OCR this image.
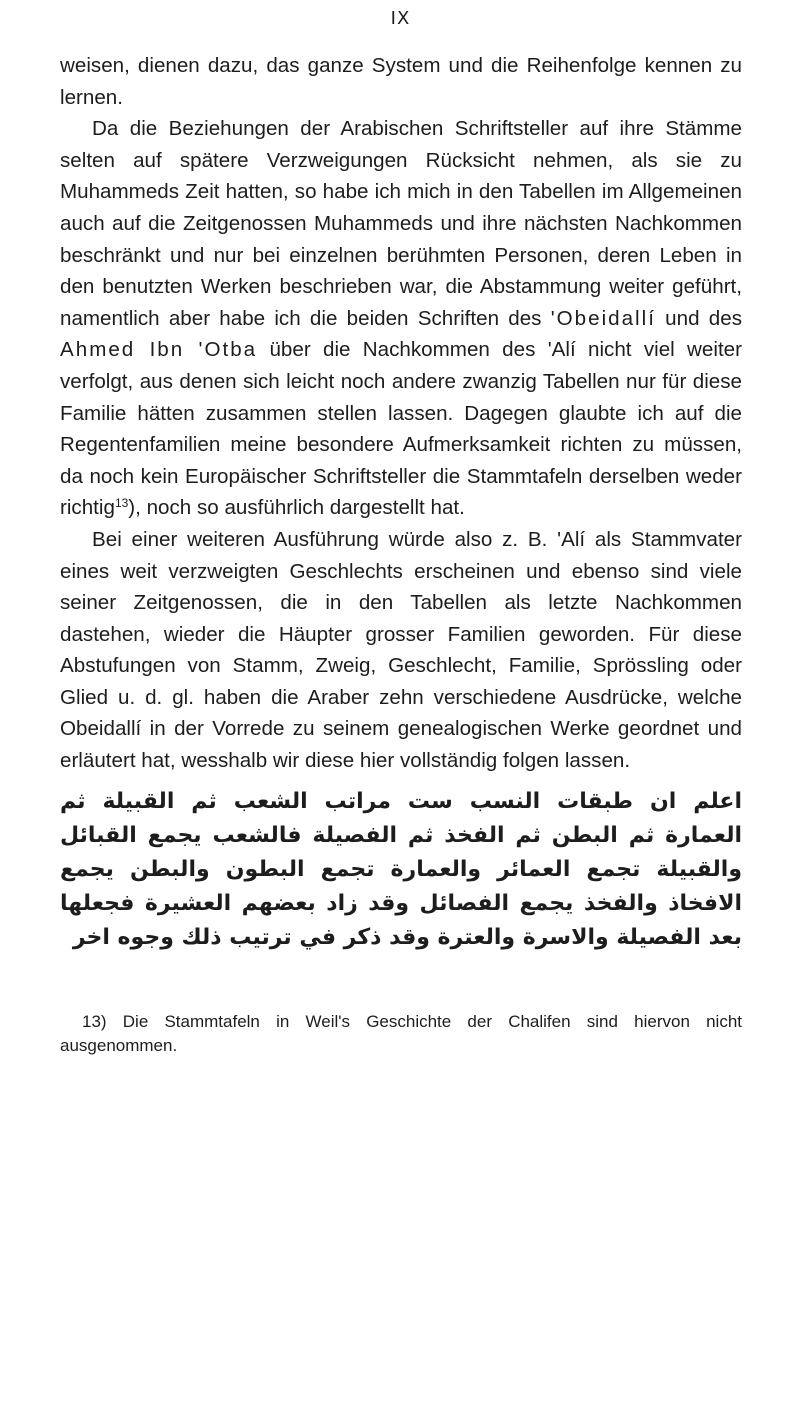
IX

weisen, dienen dazu, das ganze System und die Reihenfolge kennen zu lernen.

Da die Beziehungen der Arabischen Schriftsteller auf ihre Stämme selten auf spätere Verzweigungen Rücksicht nehmen, als sie zu Muhammeds Zeit hatten, so habe ich mich in den Tabellen im Allgemeinen auch auf die Zeitgenossen Muhammeds und ihre nächsten Nachkommen beschränkt und nur bei einzelnen berühmten Personen, deren Leben in den benutzten Werken beschrieben war, die Abstammung weiter geführt, namentlich aber habe ich die beiden Schriften des 'Obeidallí und des Ahmed Ibn 'Otba über die Nachkommen des 'Alí nicht viel weiter verfolgt, aus denen sich leicht noch andere zwanzig Tabellen nur für diese Familie hätten zusammen stellen lassen. Dagegen glaubte ich auf die Regentenfamilien meine besondere Aufmerksamkeit richten zu müssen, da noch kein Europäischer Schriftsteller die Stammtafeln derselben weder richtig$^{13}$), noch so ausführlich dargestellt hat.

Bei einer weiteren Ausführung würde also z. B. 'Alí als Stammvater eines weit verzweigten Geschlechts erscheinen und ebenso sind viele seiner Zeitgenossen, die in den Tabellen als letzte Nachkommen dastehen, wieder die Häupter grosser Familien geworden. Für diese Abstufungen von Stamm, Zweig, Geschlecht, Familie, Sprössling oder Glied u. d. gl. haben die Araber zehn verschiedene Ausdrücke, welche Obeidallí in der Vorrede zu seinem genealogischen Werke geordnet und erläutert hat, wesshalb wir diese hier vollständig folgen lassen.

اعلم ان طبقات النسب ست مراتب الشعب ثم القبيلة ثم العمارة ثم البطن ثم الفخذ ثم الفصيلة فالشعب يجمع القبائل والقبيلة تجمع العمائر والعمارة تجمع البطون والبطن يجمع الافخاذ والفخذ يجمع الفصائل وقد زاد بعضهم العشيرة فجعلها بعد الفصيلة والاسرة والعترة وقد ذكر في ترتيب ذلك وجوه اخر
13) Die Stammtafeln in Weil's Geschichte der Chalifen sind hiervon nicht ausgenommen.
